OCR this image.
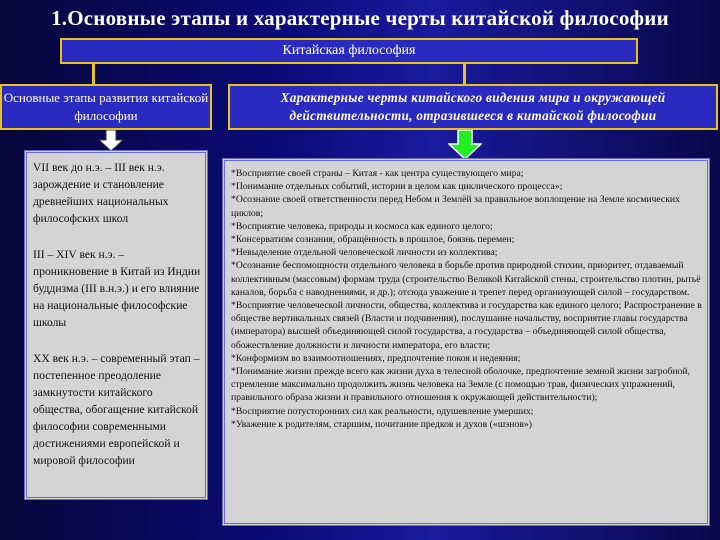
1.Основные этапы и характерные черты китайской философии
Китайская философия
Основные этапы развития китайской философии
Характерные черты китайского видения мира и окружающей действительности, отразившееся в китайской философии

VII век до н.э. – III век н.э. зарождение и становление древнейших национальных философских школ

III – XIV век н.э. – проникновение в Китай из Индии буддизма (III в.н.э.) и его влияние на национальные философские школы

XX век н.э. – современный этап – постепенное преодоление замкнутости китайского общества, обогащение китайской философии современными достижениями европейской и мировой философии

*Восприятие своей страны – Китая - как центра существующего мира;

*Понимание отдельных событий, истории в целом как циклического процесса»;

*Осознание своей ответственности перед Небом и Землёй за правильное воплощение на Земле космических циклов;

*Восприятие человека, природы и космоса как единого целого;

*Консерватизм сознания, обращённость в прошлое, боязнь перемен;

*Невыделение отдельной человеческой личности из коллектива;

*Осознание беспомощности отдельного человека в борьбе против природной стихии, приоритет, отдаваемый коллективным (массовым) формам труда (строительство Великой Китайской стены, строительство плотин, рытьё каналов, борьба с наводнениями, и др.); отсюда уважение и трепет перед организующей силой – государством.

*Восприятие человеческой личности, общества, коллектива и государства как единого целого; Распространение в обществе вертикальных связей (Власти и подчинения), послушание начальству, восприятие главы государства (императора) высшей объединяющей силой государства, а государства – объединяющей силой общества, обожествление должности и личности императора, его власти;

*Конформизм во взаимоотношениях, предпочтение покоя и недеяния;

*Понимание жизни прежде всего как жизни духа в телесной оболочке, предпочтение земной жизни загробной, стремление максимально продолжить жизнь человека на Земле (с помощью трав, физических упражнений, правильного образа жизни и правильного отношения к окружающей действительности);

*Восприятие потусторонних сил как реальности, одушевление умерших;

*Уважение к родителям, старшим, почитание предков и духов («шэнов»)
